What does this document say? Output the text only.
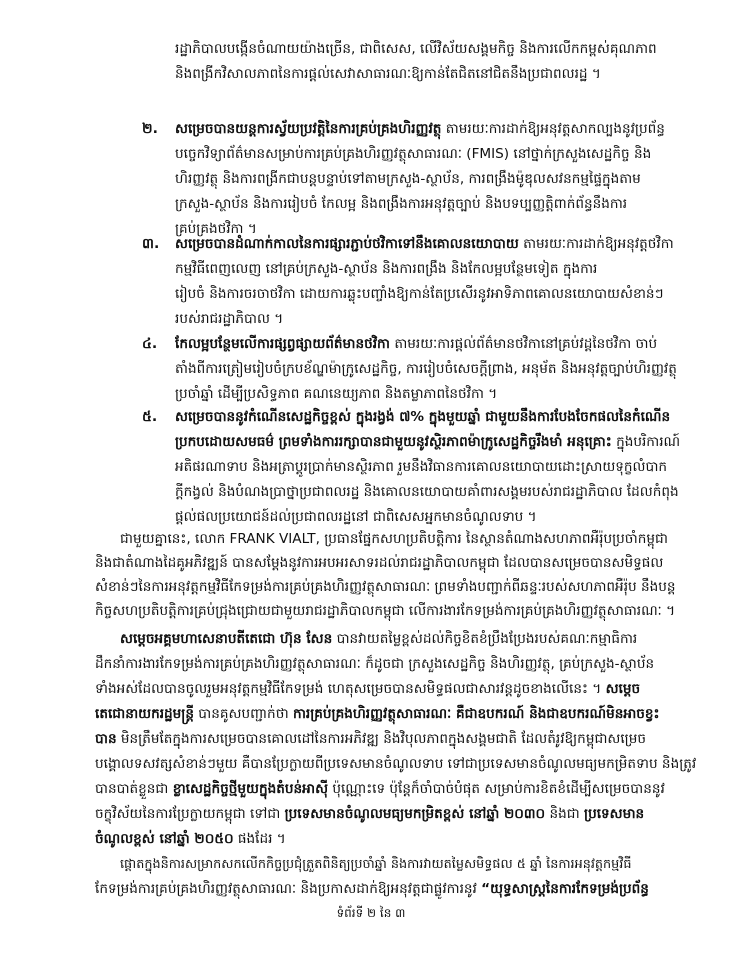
រដ្ឋាភិបាលបង្កើនចំណាយយ៉ាងច្រើន, ជាពិសេស, លើវិស័យសង្គមកិច្ច និងការលើកកម្ពស់គុណភាព
និងពង្រីកវិសាលភាពនៃការផ្តល់សេវាសាធារណៈឱ្យកាន់តែជិតនៅជិតនឹងប្រជាពលរដ្ឋ ។
២. សម្រេចបានយន្តការស្វ័យប្រវត្តិនៃការគ្រប់គ្រងហិរញ្ញវត្ថុ តាមរយៈការដាក់ឱ្យអនុវត្តសាកល្បងនូវប្រព័ន្ធ
បច្ចេកវិទ្យាព័ត៌មានសម្រាប់ការគ្រប់គ្រងហិរញ្ញវត្ថុសាធារណៈ (FMIS) នៅថ្នាក់ក្រសួងសេដ្ឋកិច្ច និង
ហិរញ្ញវត្ថុ និងការពង្រីកជាបន្តបន្ទាប់ទៅតាមក្រសួង-ស្ថាប័ន, ការពង្រឹងម៉ូឌុលសវនកម្មផ្ទៃក្នុងតាម
ក្រសួង-ស្ថាប័ន និងការរៀបចំ កែលម្អ និងពង្រឹងការអនុវត្តច្បាប់ និងបទប្បញ្ញត្តិពាក់ព័ន្ធនឹងការ
គ្រប់គ្រងថវិកា ។
៣. សម្រេចបានដំណាក់កាលនៃការផ្សារភ្ជាប់ថវិកាទៅនឹងគោលនយោបាយ តាមរយៈការដាក់ឱ្យអនុវត្តថវិកា
កម្មវិធីពេញលេញ នៅគ្រប់ក្រសួង-ស្ថាប័ន និងការពង្រឹង និងកែលម្អបន្ថែមទៀត ក្នុងការ
រៀបចំ និងការចរចាថវិកា ដោយការឆ្លុះបញ្ចាំងឱ្យកាន់តែប្រសើរនូវអាទិភាពគោលនយោបាយសំខាន់ៗ
របស់រាជរដ្ឋាភិបាល ។
៤. កែលម្អបន្ថែមលើការផ្សព្វផ្សាយព័ត៌មានថវិកា តាមរយៈការផ្តល់ព័ត៌មានថវិកានៅគ្រប់វដ្តនៃថវិកា ចាប់
តាំងពីការត្រៀមរៀបចំក្របខ័ណ្ឌម៉ាក្រូសេដ្ឋកិច្ច, ការរៀបចំសេចក្តីព្រាង, អនុម័ត និងអនុវត្តច្បាប់ហិរញ្ញវត្ថុ
ប្រចាំឆ្នាំ ដើម្បីប្រសិទ្ធភាព គណនេយ្យភាព និងតម្លាភាពនៃថវិកា ។
៥. សម្រេចបាននូវកំណើនសេដ្ឋកិច្ចខ្ពស់ ក្នុងរង្វង់ ៧% ក្នុងមួយឆ្នាំ ជាមួយនឹងការបែងចែកផលនៃកំណើន
ប្រកបដោយសមធម៌ ព្រមទាំងការរក្សាបានជាមួយនូវស្ថិរភាពម៉ាក្រូសេដ្ឋកិច្ចរឹងមាំ អនុគ្រោះ ក្នុងបរិការណ៍
អតិផរណាទាប និងអត្រាប្តូរប្រាក់មានស្ថិរភាព រួមនឹងវិធានការគោលនយោបាយដោះស្រាយទុក្ខលំបាក
ក្តីកង្វល់ និងបំណងប្រាថ្នាប្រជាពលរដ្ឋ និងគោលនយោបាយគាំពារសង្គមរបស់រាជរដ្ឋាភិបាល ដែលកំពុង
ផ្តល់ផលប្រយោជន៍ដល់ប្រជាពលរដ្ឋនៅ ជាពិសេសអ្នកមានចំណូលទាប ។
ជាមួយគ្នានេះ, លោក FRANK VIALT, ប្រធានផ្នែកសហប្រតិបត្តិការ នៃស្ថានតំណាងសហភាពអឺរ៉ុបប្រចាំកម្ពុជា
និងជាតំណាងដៃគូអភិវឌ្ឍន៍ បានសម្តែងនូវការអបអរសាទរដល់រាជរដ្ឋាភិបាលកម្ពុជា ដែលបានសម្រេចបានសមិទ្ធផល
សំខាន់ៗនៃការអនុវត្តកម្មវិធីកែទម្រង់ការគ្រប់គ្រងហិរញ្ញវត្ថុសាធារណៈ ព្រមទាំងបញ្ជាក់ពីឆន្ទៈរបស់សហភាពអឺរ៉ុប នឹងបន្ត
កិច្ចសហប្រតិបត្តិការគ្រប់ជ្រុងជ្រោយជាមួយរាជរដ្ឋាភិបាលកម្ពុជា លើការងារកែទម្រង់ការគ្រប់គ្រងហិរញ្ញវត្ថុសាធារណៈ ។
សម្តេចអគ្គមហាសេនាបតីតេជោ ហ៊ុន សែន បានវាយតម្លៃខ្ពស់ដល់កិច្ចខិតខំប្រឹងប្រែងរបស់គណៈកម្មាធិការ
ដឹកនាំការងារកែទម្រង់ការគ្រប់គ្រងហិរញ្ញវត្ថុសាធារណៈ ក៏ដូចជា ក្រសួងសេដ្ឋកិច្ច និងហិរញ្ញវត្ថុ, គ្រប់ក្រសួង-ស្ថាប័ន
ទាំងអស់ដែលបានចូលរួមអនុវត្តកម្មវិធីកែទម្រង់ ហេតុសម្រេចបានសមិទ្ធផលជាសារវន្តដូចខាងលើនេះ ។ សម្តេច
តេជោនាយករដ្ឋមន្ត្រី បានគូសបញ្ជាក់ថា ការគ្រប់គ្រងហិរញ្ញវត្ថុសាធារណៈ គឺជាឧបករណ៍ និងជាឧបករណ៍មិនអាចខ្វះ
បាន មិនត្រឹមតែក្នុងការសម្រេចបានគោលដៅនៃការអភិវឌ្ឍ និងវិបុលភាពក្នុងសង្គមជាតិ ដែលតំរូវឱ្យកម្ពុជាសម្រេច
បង្គោលទសវត្សសំខាន់ៗមួយ គឺបានប្រែក្លាយពីប្រទេសមានចំណូលទាប ទៅជាប្រទេសមានចំណូលមធ្យមកម្រិតទាប និងត្រូវ
បានបាត់ខ្លួនជា ខ្លាសេដ្ឋកិច្ចថ្មីមួយក្នុងតំបន់អាស៊ី ប៉ុណ្ណោះទេ ប៉ុន្តែក៏ចាំបាច់បំផុត សម្រាប់ការខិតខំដើម្បីសម្រេចបាននូវ
ចក្ខុវិស័យនៃការប្រែក្លាយកម្ពុជា ទៅជា ប្រទេសមានចំណូលមធ្យមកម្រិតខ្ពស់ នៅឆ្នាំ ២០៣០ និងជា ប្រទេសមាន
ចំណូលខ្ពស់ នៅឆ្នាំ ២០៥០ ផងដែរ ។
ផ្តោតក្នុងនិការសម្រាកសកលើកកិច្ចប្រជុំត្រួតពិនិត្យប្រចាំឆ្នាំ និងការវាយតម្លៃសមិទ្ធផល ៥ ឆ្នាំ នៃការអនុវត្តកម្មវិធី
ទំព័រទី ២ នៃ ៣
កែទម្រង់ការគ្រប់គ្រងហិរញ្ញវត្ថុសាធារណៈ និងប្រកាសដាក់ឱ្យអនុវត្តជាផ្លូវការនូវ “យុទ្ធសាស្ត្រនៃការកែទម្រង់ប្រព័ន្ធ
